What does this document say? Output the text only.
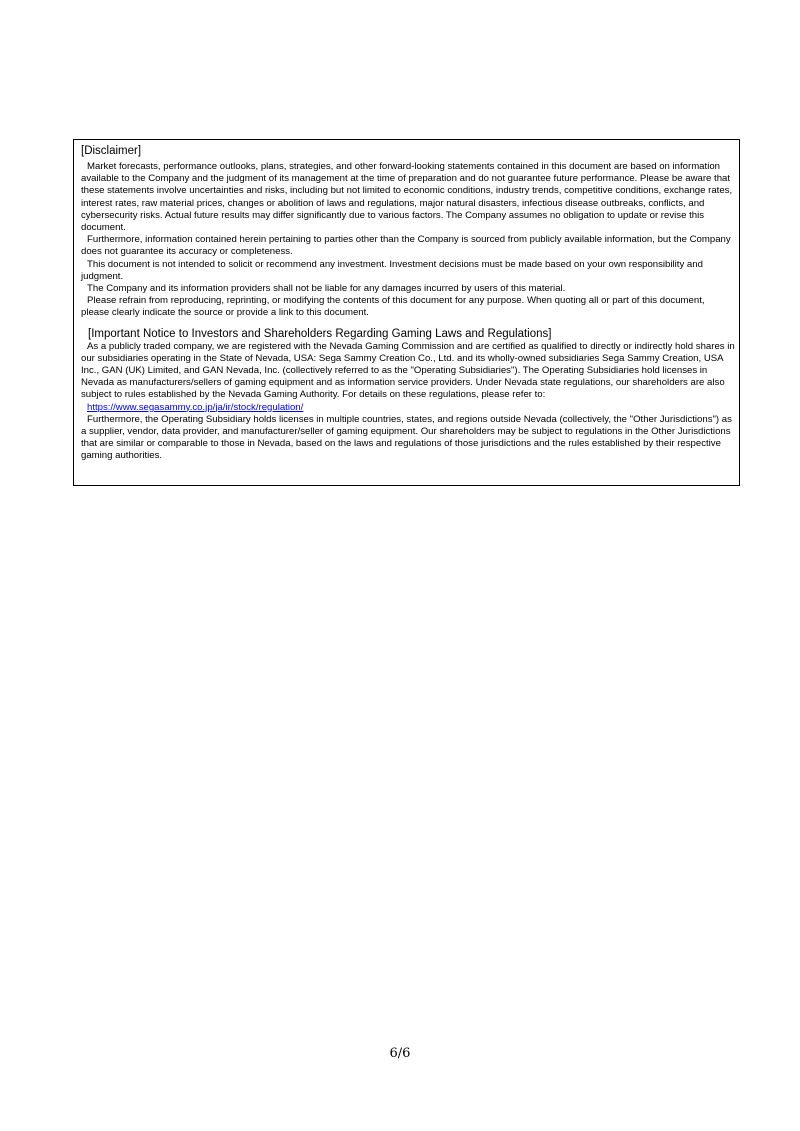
[Disclaimer]

Market forecasts, performance outlooks, plans, strategies, and other forward-looking statements contained in this document are based on information available to the Company and the judgment of its management at the time of preparation and do not guarantee future performance. Please be aware that these statements involve uncertainties and risks, including but not limited to economic conditions, industry trends, competitive conditions, exchange rates, interest rates, raw material prices, changes or abolition of laws and regulations, major natural disasters, infectious disease outbreaks, conflicts, and cybersecurity risks. Actual future results may differ significantly due to various factors. The Company assumes no obligation to update or revise this document.

Furthermore, information contained herein pertaining to parties other than the Company is sourced from publicly available information, but the Company does not guarantee its accuracy or completeness.

This document is not intended to solicit or recommend any investment. Investment decisions must be made based on your own responsibility and judgment.

The Company and its information providers shall not be liable for any damages incurred by users of this material.

Please refrain from reproducing, reprinting, or modifying the contents of this document for any purpose. When quoting all or part of this document, please clearly indicate the source or provide a link to this document.

[Important Notice to Investors and Shareholders Regarding Gaming Laws and Regulations]

As a publicly traded company, we are registered with the Nevada Gaming Commission and are certified as qualified to directly or indirectly hold shares in our subsidiaries operating in the State of Nevada, USA: Sega Sammy Creation Co., Ltd. and its wholly-owned subsidiaries Sega Sammy Creation, USA Inc., GAN (UK) Limited, and GAN Nevada, Inc. (collectively referred to as the "Operating Subsidiaries"). The Operating Subsidiaries hold licenses in Nevada as manufacturers/sellers of gaming equipment and as information service providers. Under Nevada state regulations, our shareholders are also subject to rules established by the Nevada Gaming Authority. For details on these regulations, please refer to:

https://www.segasammy.co.jp/ja/ir/stock/regulation/

Furthermore, the Operating Subsidiary holds licenses in multiple countries, states, and regions outside Nevada (collectively, the "Other Jurisdictions") as a supplier, vendor, data provider, and manufacturer/seller of gaming equipment. Our shareholders may be subject to regulations in the Other Jurisdictions that are similar or comparable to those in Nevada, based on the laws and regulations of those jurisdictions and the rules established by their respective gaming authorities.

6/6
